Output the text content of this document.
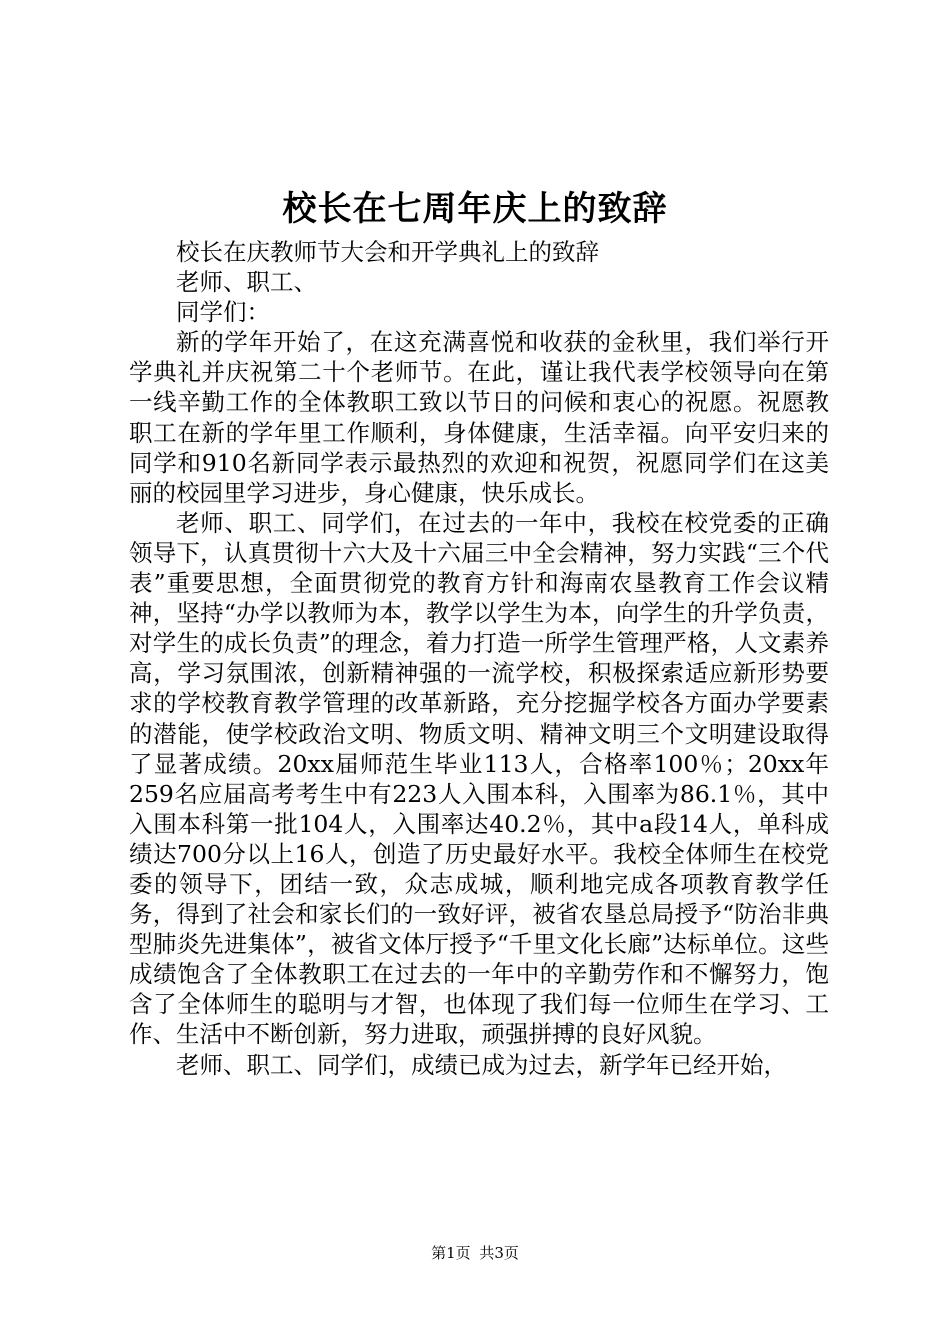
校长在七周年庆上的致辞

校长在庆教师节大会和开学典礼上的致辞

老师、职工、

同学们：

新的学年开始了，在这充满喜悦和收获的金秋里，我们举行开学典礼并庆祝第二十个老师节。在此，谨让我代表学校领导向在第一线辛勤工作的全体教职工致以节日的问候和衷心的祝愿。祝愿教职工在新的学年里工作顺利，身体健康，生活幸福。向平安归来的同学和910名新同学表示最热烈的欢迎和祝贺，祝愿同学们在这美丽的校园里学习进步，身心健康，快乐成长。

老师、职工、同学们，在过去的一年中，我校在校党委的正确领导下，认真贯彻十六大及十六届三中全会精神，努力实践“三个代表”重要思想，全面贯彻党的教育方针和海南农垦教育工作会议精神，坚持“办学以教师为本，教学以学生为本，向学生的升学负责，对学生的成长负责”的理念，着力打造一所学生管理严格，人文素养高，学习氛围浓，创新精神强的一流学校，积极探索适应新形势要求的学校教育教学管理的改革新路，充分挖掘学校各方面办学要素的潜能，使学校政治文明、物质文明、精神文明三个文明建设取得了显著成绩。20xx届师范生毕业113人，合格率100％；20xx年259名应届高考考生中有223人入围本科，入围率为86.1％，其中入围本科第一批104人，入围率达40.2％，其中a段14人，单科成绩达700分以上16人，创造了历史最好水平。我校全体师生在校党委的领导下，团结一致，众志成城，顺利地完成各项教育教学任务，得到了社会和家长们的一致好评，被省农垦总局授予“防治非典型肺炎先进集体”，被省文体厅授予“千里文化长廊”达标单位。这些成绩饱含了全体教职工在过去的一年中的辛勤劳作和不懈努力，饱含了全体师生的聪明与才智，也体现了我们每一位师生在学习、工作、生活中不断创新，努力进取，顽强拼搏的良好风貌。

老师、职工、同学们，成绩已成为过去，新学年已经开始，

第1页 共3页
